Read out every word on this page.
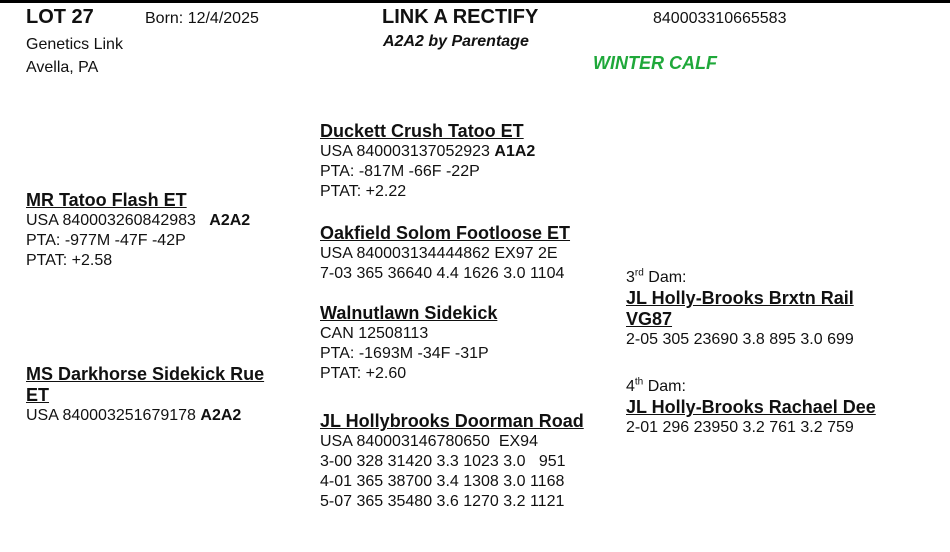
LOT 27	Born: 12/4/2025
Genetics Link
Avella, PA
LINK A RECTIFY
A2A2 by Parentage
840003310665583
WINTER CALF
MR Tatoo Flash ET
USA 840003260842983 A2A2
PTA: -977M -47F -42P
PTAT: +2.58
MS Darkhorse Sidekick Rue
ET
USA 840003251679178 A2A2
Duckett Crush Tatoo ET
USA 840003137052923 A1A2
PTA: -817M -66F -22P
PTAT: +2.22
Oakfield Solom Footloose ET
USA 840003134444862 EX97 2E
7-03 365 36640 4.4 1626 3.0 1104
Walnutlawn Sidekick
CAN 12508113
PTA: -1693M -34F -31P
PTAT: +2.60
JL Hollybrooks Doorman Road
USA 840003146780650  EX94
3-00 328 31420 3.3 1023 3.0   951
4-01 365 38700 3.4 1308 3.0 1168
5-07 365 35480 3.6 1270 3.2 1121
3rd Dam:
JL Holly-Brooks Brxtn Rail
VG87
2-05 305 23690 3.8 895 3.0 699
4th Dam:
JL Holly-Brooks Rachael Dee
2-01 296 23950 3.2 761 3.2 759
